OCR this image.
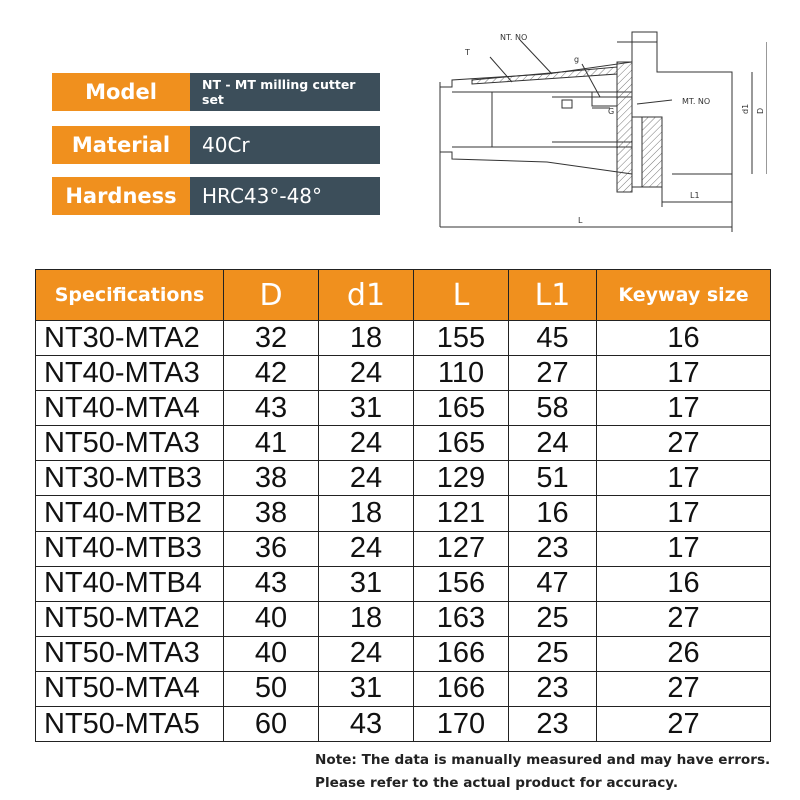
Model	NT - MT milling cutter set
Material	40Cr
Hardness	HRC43°-48°
NT. NO
T
g
G
MT. NO
d1 D
L1
L
Specifications	D	d1	L	L1	Keyway size
NT30-MTA2	32	18	155	45	16
NT40-MTA3	42	24	110	27	17
NT40-MTA4	43	31	165	58	17
NT50-MTA3	41	24	165	24	27
NT30-MTB3	38	24	129	51	17
NT40-MTB2	38	18	121	16	17
NT40-MTB3	36	24	127	23	17
NT40-MTB4	43	31	156	47	16
NT50-MTA2	40	18	163	25	27
NT50-MTA3	40	24	166	25	26
NT50-MTA4	50	31	166	23	27
NT50-MTA5	60	43	170	23	27
Note: The data is manually measured and may have errors. Please refer to the actual product for accuracy.
